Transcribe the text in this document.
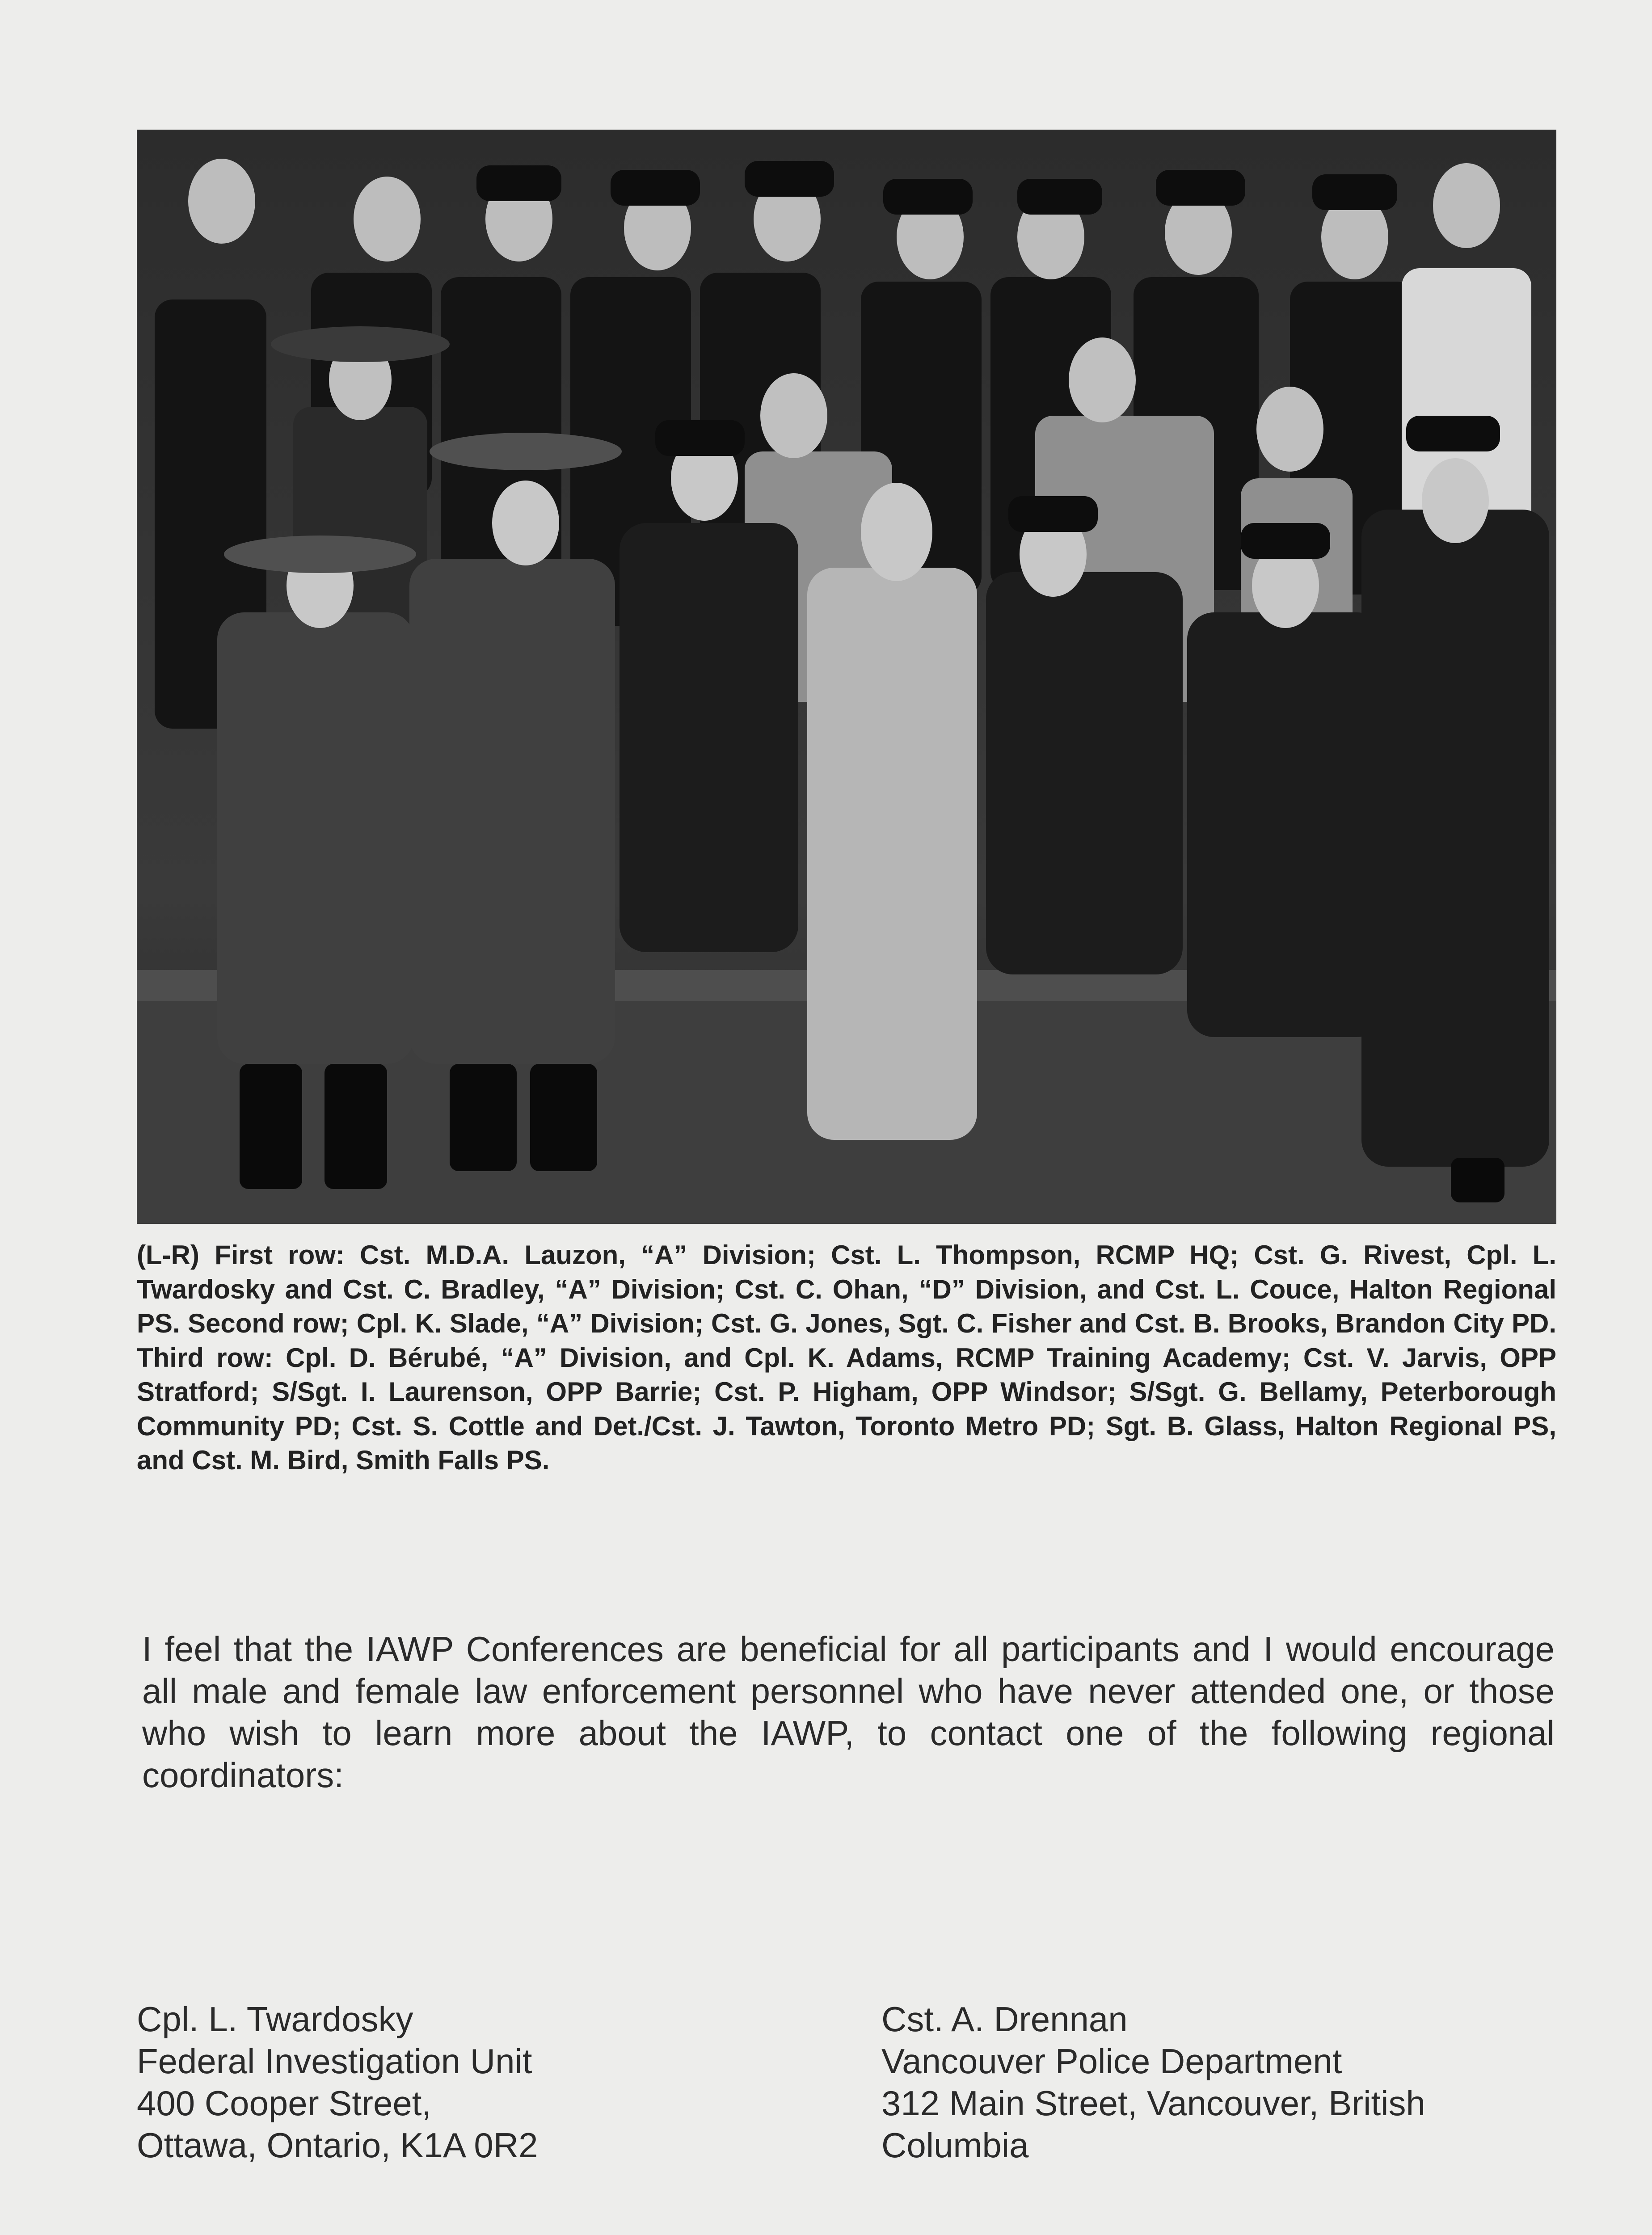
(L-R) First row: Cst. M.D.A. Lauzon, “A” Division; Cst. L. Thompson, RCMP HQ; Cst. G. Rivest, Cpl. L. Twardosky and Cst. C. Bradley, “A” Division; Cst. C. Ohan, “D” Division, and Cst. L. Couce, Halton Regional PS. Second row; Cpl. K. Slade, “A” Division; Cst. G. Jones, Sgt. C. Fisher and Cst. B. Brooks, Brandon City PD. Third row: Cpl. D. Bérubé, “A” Division, and Cpl. K. Adams, RCMP Training Academy; Cst. V. Jarvis, OPP Stratford; S/Sgt. I. Laurenson, OPP Barrie; Cst. P. Higham, OPP Windsor; S/Sgt. G. Bellamy, Peterborough Community PD; Cst. S. Cottle and Det./Cst. J. Tawton, Toronto Metro PD; Sgt. B. Glass, Halton Regional PS, and Cst. M. Bird, Smith Falls PS.
I feel that the IAWP Conferences are beneficial for all participants and I would encourage all male and female law enforcement personnel who have never attended one, or those who wish to learn more about the IAWP, to contact one of the following regional coordinators:
Cpl. L. Twardosky
Federal Investigation Unit
400 Cooper Street,
Ottawa, Ontario, K1A 0R2
Cst. A. Drennan
Vancouver Police Department
312 Main Street, Vancouver, British
Columbia
